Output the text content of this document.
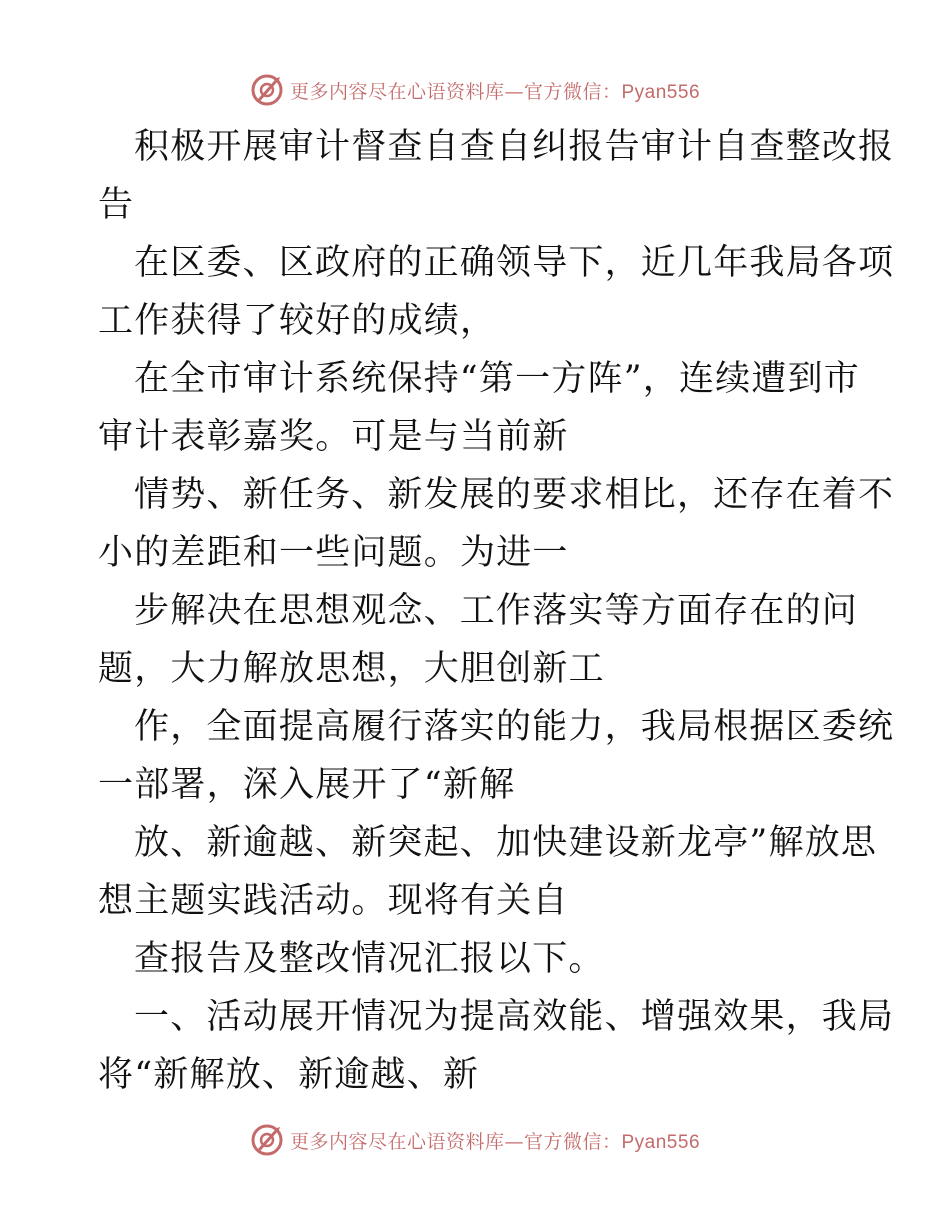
更多内容尽在心语资料库—官方微信：Pyan556
积极开展审计督查自查自纠报告审计自查整改报
告
在区委、区政府的正确领导下，近几年我局各项
工作获得了较好的成绩，
在全市审计系统保持“第一方阵”，连续遭到市
审计表彰嘉奖。可是与当前新
情势、新任务、新发展的要求相比，还存在着不
小的差距和一些问题。为进一
步解决在思想观念、工作落实等方面存在的问
题，大力解放思想，大胆创新工
作，全面提高履行落实的能力，我局根据区委统
一部署，深入展开了“新解
放、新逾越、新突起、加快建设新龙亭”解放思
想主题实践活动。现将有关自
查报告及整改情况汇报以下。
一、活动展开情况为提高效能、增强效果，我局
将“新解放、新逾越、新
更多内容尽在心语资料库—官方微信：Pyan556
